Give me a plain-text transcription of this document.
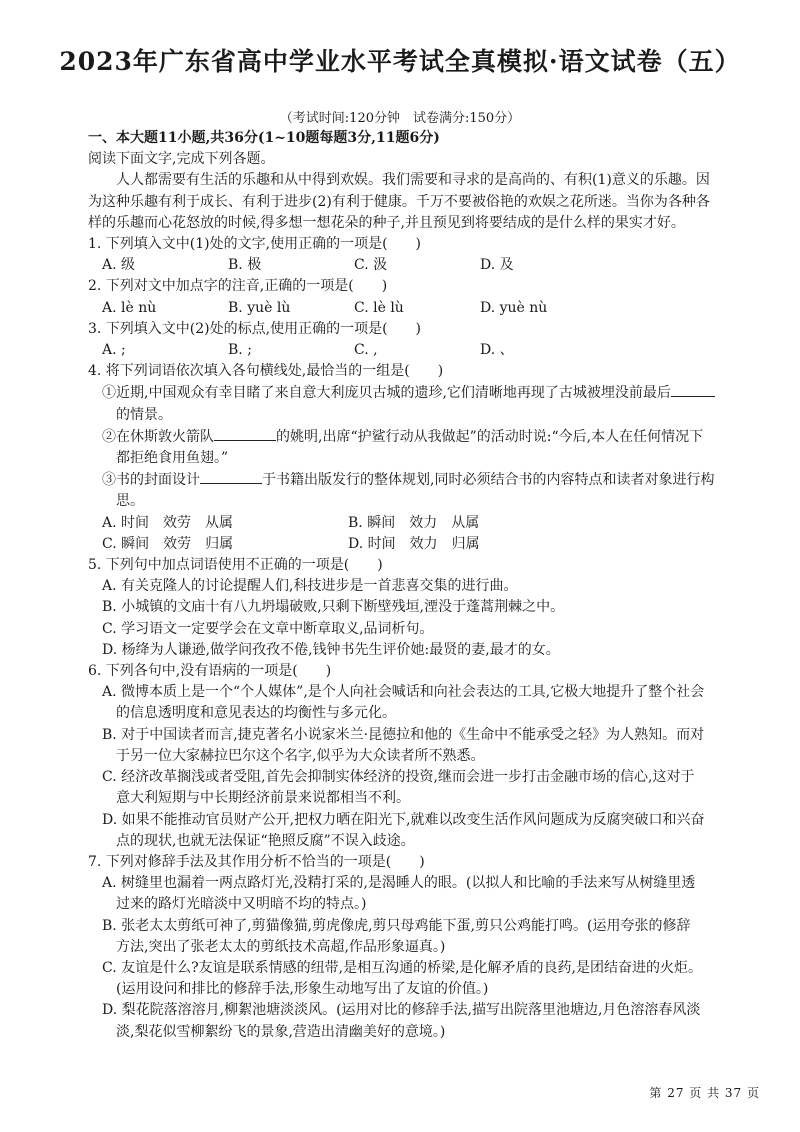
2023年广东省高中学业水平考试全真模拟·语文试卷（五）
（考试时间:120分钟　试卷满分:150分）
一、本大题11小题,共36分(1~10题每题3分,11题6分)
阅读下面文字,完成下列各题。
人人都需要有生活的乐趣和从中得到欢娱。我们需要和寻求的是高尚的、有积(1)意义的乐趣。因
为这种乐趣有利于成长、有利于进步(2)有利于健康。千万不要被俗艳的欢娱之花所迷。当你为各种各
样的乐趣而心花怒放的时候,得多想一想花朵的种子,并且预见到将要结成的是什么样的果实才好。
1. 下列填入文中(1)处的文字,使用正确的一项是(　　)
A. 级	B. 极	C. 汲	D. 及
2. 下列对文中加点字的注音,正确的一项是(　　)
A. lè nù	B. yuè lù	C. lè lù	D. yuè nù
3. 下列填入文中(2)处的标点,使用正确的一项是(　　)
A. ;	B. ;	C. ,	D. 、
4. 将下列词语依次填入各句横线处,最恰当的一组是(　　)
①近期,中国观众有幸目睹了来自意大利庞贝古城的遗珍,它们清晰地再现了古城被埋没前最后
的情景。
②在休斯敦火箭队	的姚明,出席“护鲨行动从我做起”的活动时说:“今后,本人在任何情况下
都拒绝食用鱼翅。”
③书的封面设计	于书籍出版发行的整体规划,同时必须结合书的内容特点和读者对象进行构
思。
A. 时间　效劳　从属	B. 瞬间　效力　从属
C. 瞬间　效劳　归属	D. 时间　效力　归属
5. 下列句中加点词语使用不正确的一项是(　　)
A. 有关克隆人的讨论提醒人们,科技进步是一首悲喜交集的进行曲。
B. 小城镇的文庙十有八九坍塌破败,只剩下断壁残垣,湮没于蓬蒿荆棘之中。
C. 学习语文一定要学会在文章中断章取义,品词析句。
D. 杨绛为人谦逊,做学问孜孜不倦,钱钟书先生评价她:最贤的妻,最才的女。
6. 下列各句中,没有语病的一项是(　　)
A. 微博本质上是一个“个人媒体”,是个人向社会喊话和向社会表达的工具,它极大地提升了整个社会
的信息透明度和意见表达的均衡性与多元化。
B. 对于中国读者而言,捷克著名小说家米兰·昆德拉和他的《生命中不能承受之轻》为人熟知。而对
于另一位大家赫拉巴尔这个名字,似乎为大众读者所不熟悉。
C. 经济改革搁浅或者受阻,首先会抑制实体经济的投资,继而会进一步打击金融市场的信心,这对于
意大利短期与中长期经济前景来说都相当不利。
D. 如果不能推动官员财产公开,把权力晒在阳光下,就难以改变生活作风问题成为反腐突破口和兴奋
点的现状,也就无法保证“艳照反腐”不误入歧途。
7. 下列对修辞手法及其作用分析不恰当的一项是(　　)
A. 树缝里也漏着一两点路灯光,没精打采的,是渴睡人的眼。(以拟人和比喻的手法来写从树缝里透
过来的路灯光暗淡中又明暗不均的特点。)
B. 张老太太剪纸可神了,剪猫像猫,剪虎像虎,剪只母鸡能下蛋,剪只公鸡能打鸣。(运用夸张的修辞
方法,突出了张老太太的剪纸技术高超,作品形象逼真。)
C. 友谊是什么?友谊是联系情感的纽带,是相互沟通的桥梁,是化解矛盾的良药,是团结奋进的火炬。
(运用设问和排比的修辞手法,形象生动地写出了友谊的价值。)
D. 梨花院落溶溶月,柳絮池塘淡淡风。(运用对比的修辞手法,描写出院落里池塘边,月色溶溶春风淡
淡,梨花似雪柳絮纷飞的景象,营造出清幽美好的意境。)
第 27 页 共 37 页
